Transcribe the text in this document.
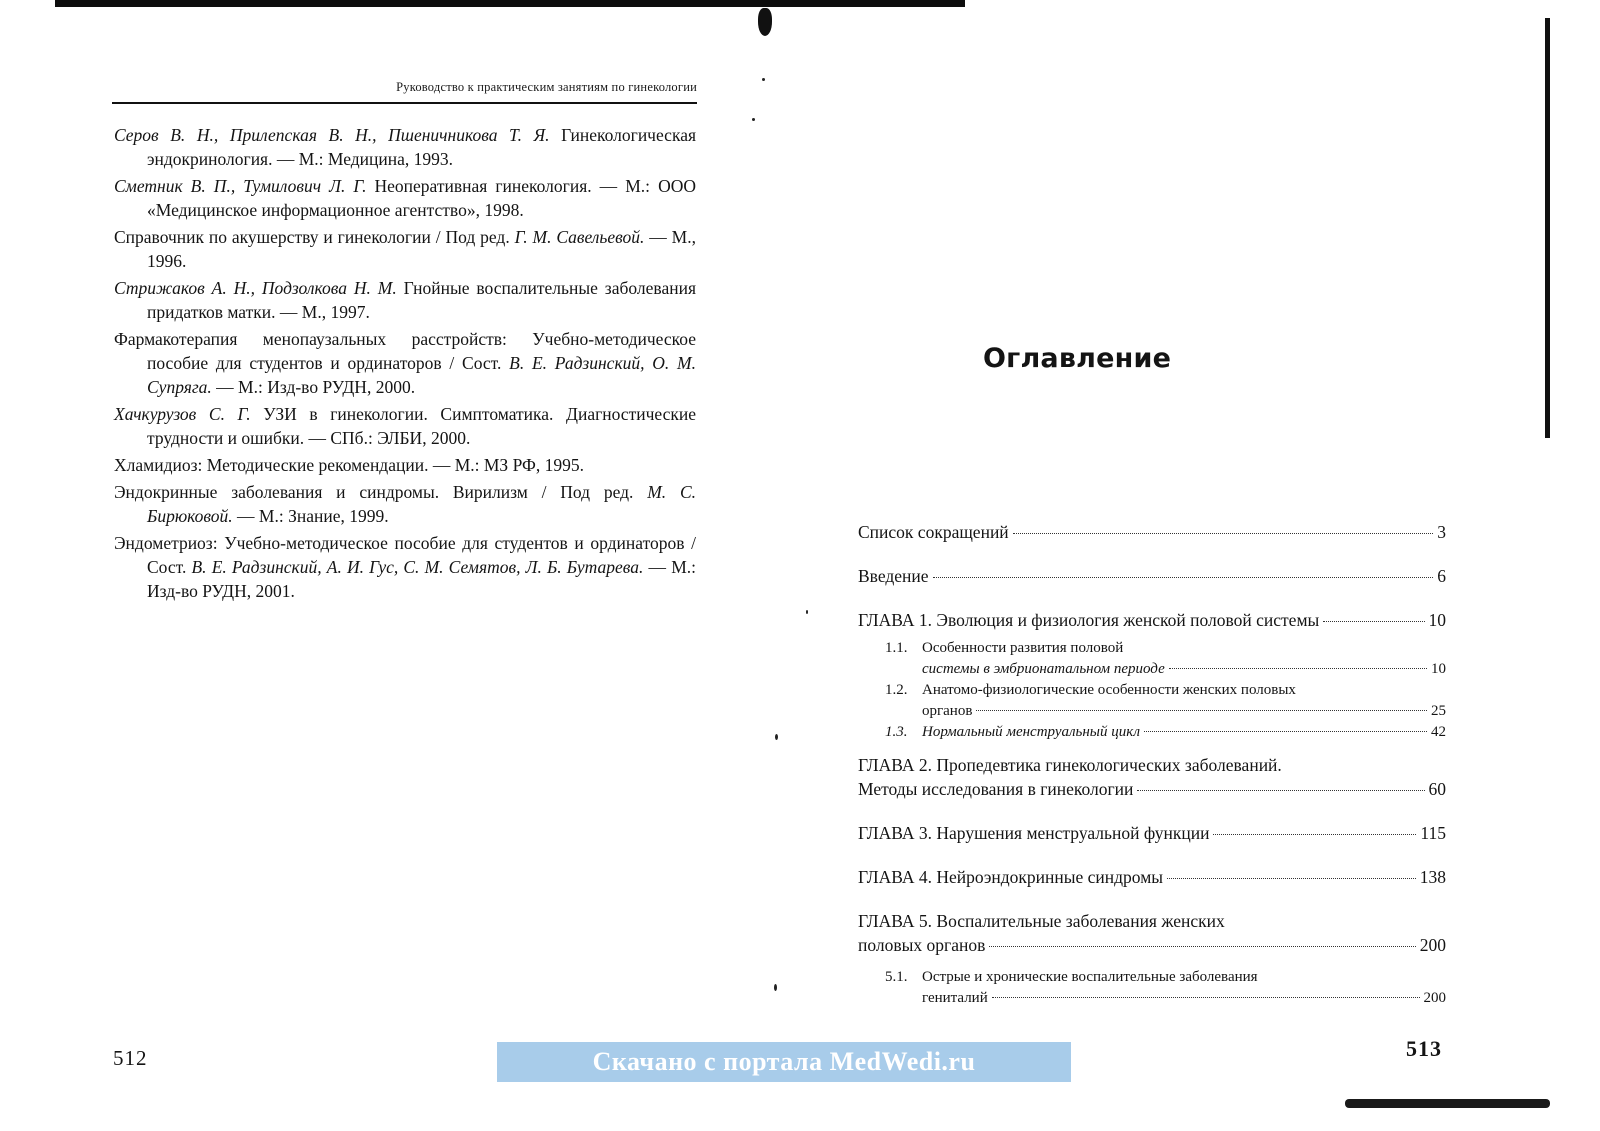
Руководство к практическим занятиям по гинекологии

Серов В. Н., Прилепская В. Н., Пшеничникова Т. Я. Гинекологическая эндокринология. — М.: Медицина, 1993.

Сметник В. П., Тумилович Л. Г. Неоперативная гинекология. — М.: ООО «Медицинское информационное агентство», 1998.

Справочник по акушерству и гинекологии / Под ред. Г. М. Савельевой. — М., 1996.

Стрижаков А. Н., Подзолкова Н. М. Гнойные воспалительные заболевания придатков матки. — М., 1997.

Фармакотерапия менопаузальных расстройств: Учебно-методическое пособие для студентов и ординаторов / Сост. В. Е. Радзинский, О. М. Супряга. — М.: Изд-во РУДН, 2000.

Хачкурузов С. Г. УЗИ в гинекологии. Симптоматика. Диагностические трудности и ошибки. — СПб.: ЭЛБИ, 2000.

Хламидиоз: Методические рекомендации. — М.: МЗ РФ, 1995.

Эндокринные заболевания и синдромы. Вирилизм / Под ред. М. С. Бирюковой. — М.: Знание, 1999.

Эндометриоз: Учебно-методическое пособие для студентов и ординаторов / Сост. В. Е. Радзинский, А. И. Гус, С. М. Семятов, Л. Б. Бутарева. — М.: Изд-во РУДН, 2001.

512
Оглавление
Список сокращений	3
Введение	6
ГЛАВА 1. Эволюция и физиология женской половой системы	10
1.1. Особенности развития половой
системы в эмбрионатальном периоде	10
1.2. Анатомо-физиологические особенности женских половых
органов	25
1.3. Нормальный менструальный цикл	42
ГЛАВА 2. Пропедевтика гинекологических заболеваний.
Методы исследования в гинекологии	60
ГЛАВА 3. Нарушения менструальной функции	115
ГЛАВА 4. Нейроэндокринные синдромы	138
ГЛАВА 5. Воспалительные заболевания женских
половых органов	200
5.1. Острые и хронические воспалительные заболевания
гениталий	200
513
Скачано с портала MedWedi.ru
